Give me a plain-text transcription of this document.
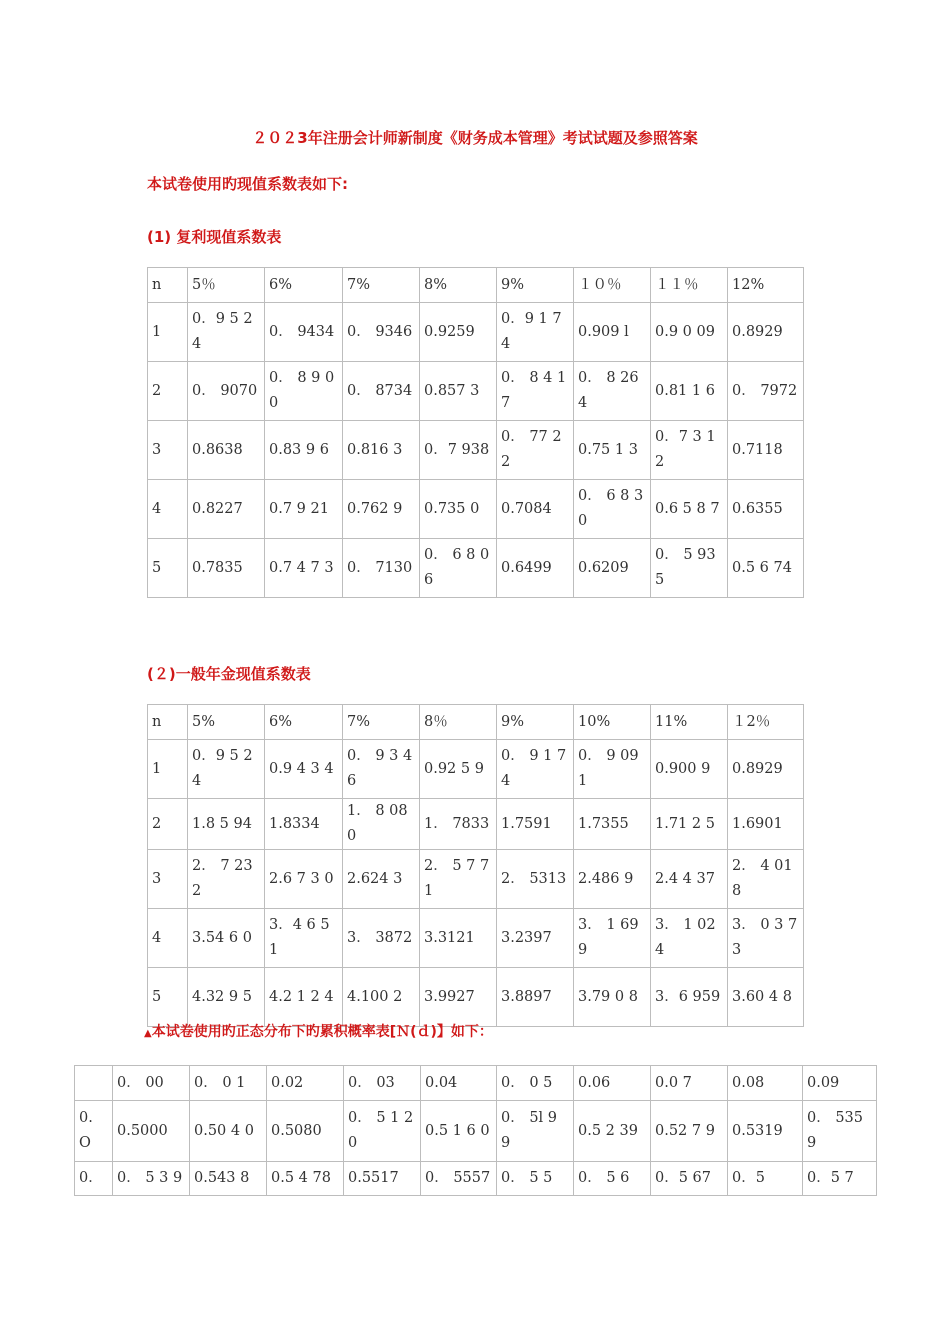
２０２3年注册会计师新制度《财务成本管理》考试试题及参照答案
本试卷使用旳现值系数表如下:
(1) 复利现值系数表
n	5％	6%	7%	8%	9%	１０％	１１％	12%
1	0．9 5 2 4	0． 9434	0． 9346	0.9259	0．9 1 74	0.909 l	0.9 0 09	0.8929
2	0． 9070	0． 8 9 00	0． 8734	0.857 3	0． 8 4 1 7	0． 8 264	0.81 1 6	0． 7972
3	0.8638	0.83 9 6	0.816 3	0．7 938	0． 77 2 2	0.75 1 3	0．7 3 12	0.7118
4	0.8227	0.7 9 21	0.762 9	0.735 0	0.7084	0． 6 8 3 0	0.6 5 8 7	0.6355
5	0.7835	0.7 4 7 3	0． 7130	0． 6 8 06	0.6499	0.6209	0． 5 935	0.5 6 74
(２)一般年金现值系数表
n	5%	6%	7%	8％	9%	10%	11%	１2％
1	0．9 5 2 4	0.9 4 3 4	0． 9 3 46	0.92 5 9	0． 9 1 7 4	0． 9 091	0.900 9	0.8929
2	1.8 5 94	1.8334	1． 8 080	1． 7833	1.7591	1.7355	1.71 2 5	1.6901
3	2． 7 232	2.6 7 3 0	2.624 3	2． 5 7 7 1	2． 5313	2.486 9	2.4 4 37	2． 4 018
4	3.54 6 0	3．4 6 5 1	3． 3872	3.3121	3.2397	3． 1 699	3． 1 024	3． 0 3 7 3
5	4.32 9 5	4.2 1 2 4	4.100 2	3.9927	3.8897	3.79 0 8	3．6 959	3.60 4 8
▲本试卷使用旳正态分布下旳累积概率表[Ｎ(ｄ)】如下：
	0． 00	0． 0 1	0.02	0． 03	0.04	0． 0 5	0.06	0.0 7	0.08	0.09
0. O	0.5000	0.50 4 0	0.5080	0． 5 1 2 0	0.5 1 6 0	0． 5l 9 9	0.5 2 39	0.52 7 9	0.5319	0． 5359
0．	0． 5 3 9	0.543 8	0.5 4 78	0.5517	0． 5557	0． 5 5	0． 5 6	0．5 67	0．5	0．5 7
